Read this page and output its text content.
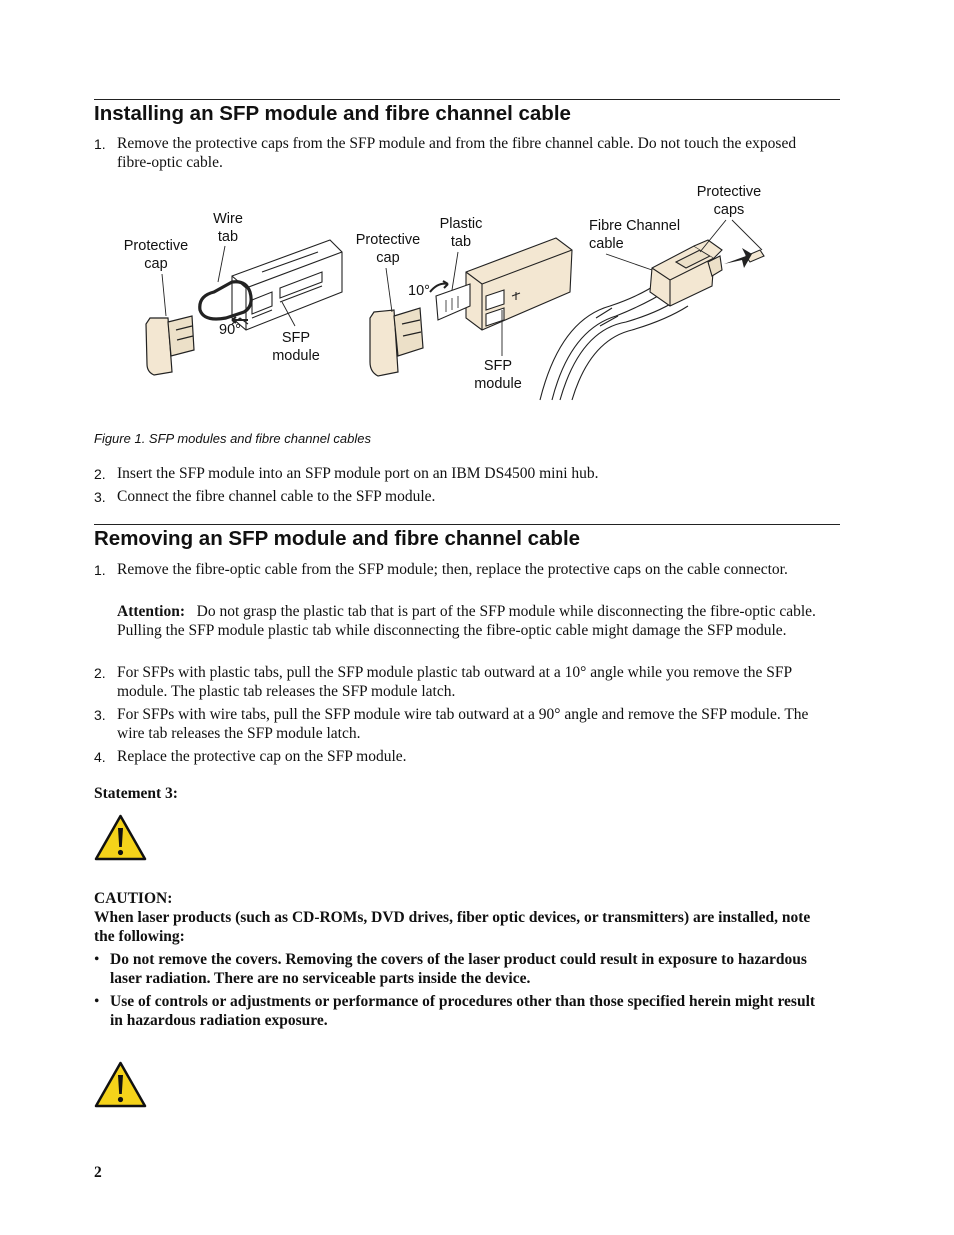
Installing an SFP module and fibre channel cable
1. Remove the protective caps from the SFP module and from the fibre channel cable. Do not touch the exposed fibre-optic cable.
Protective cap
Wire tab
90°	SFP module
Protective cap
Plastic tab
10°
SFP module
Fibre Channel cable
Protective caps
Figure 1. SFP modules and fibre channel cables
2. Insert the SFP module into an SFP module port on an IBM DS4500 mini hub.
3. Connect the fibre channel cable to the SFP module.
Removing an SFP module and fibre channel cable
1. Remove the fibre-optic cable from the SFP module; then, replace the protective caps on the cable connector.
Attention: Do not grasp the plastic tab that is part of the SFP module while disconnecting the fibre-optic cable. Pulling the SFP module plastic tab while disconnecting the fibre-optic cable might damage the SFP module.
2. For SFPs with plastic tabs, pull the SFP module plastic tab outward at a 10° angle while you remove the SFP module. The plastic tab releases the SFP module latch.
3. For SFPs with wire tabs, pull the SFP module wire tab outward at a 90° angle and remove the SFP module. The wire tab releases the SFP module latch.
4. Replace the protective cap on the SFP module.
Statement 3:
CAUTION:
When laser products (such as CD-ROMs, DVD drives, fiber optic devices, or transmitters) are installed, note the following:
• Do not remove the covers. Removing the covers of the laser product could result in exposure to hazardous laser radiation. There are no serviceable parts inside the device.
• Use of controls or adjustments or performance of procedures other than those specified herein might result in hazardous radiation exposure.
2
